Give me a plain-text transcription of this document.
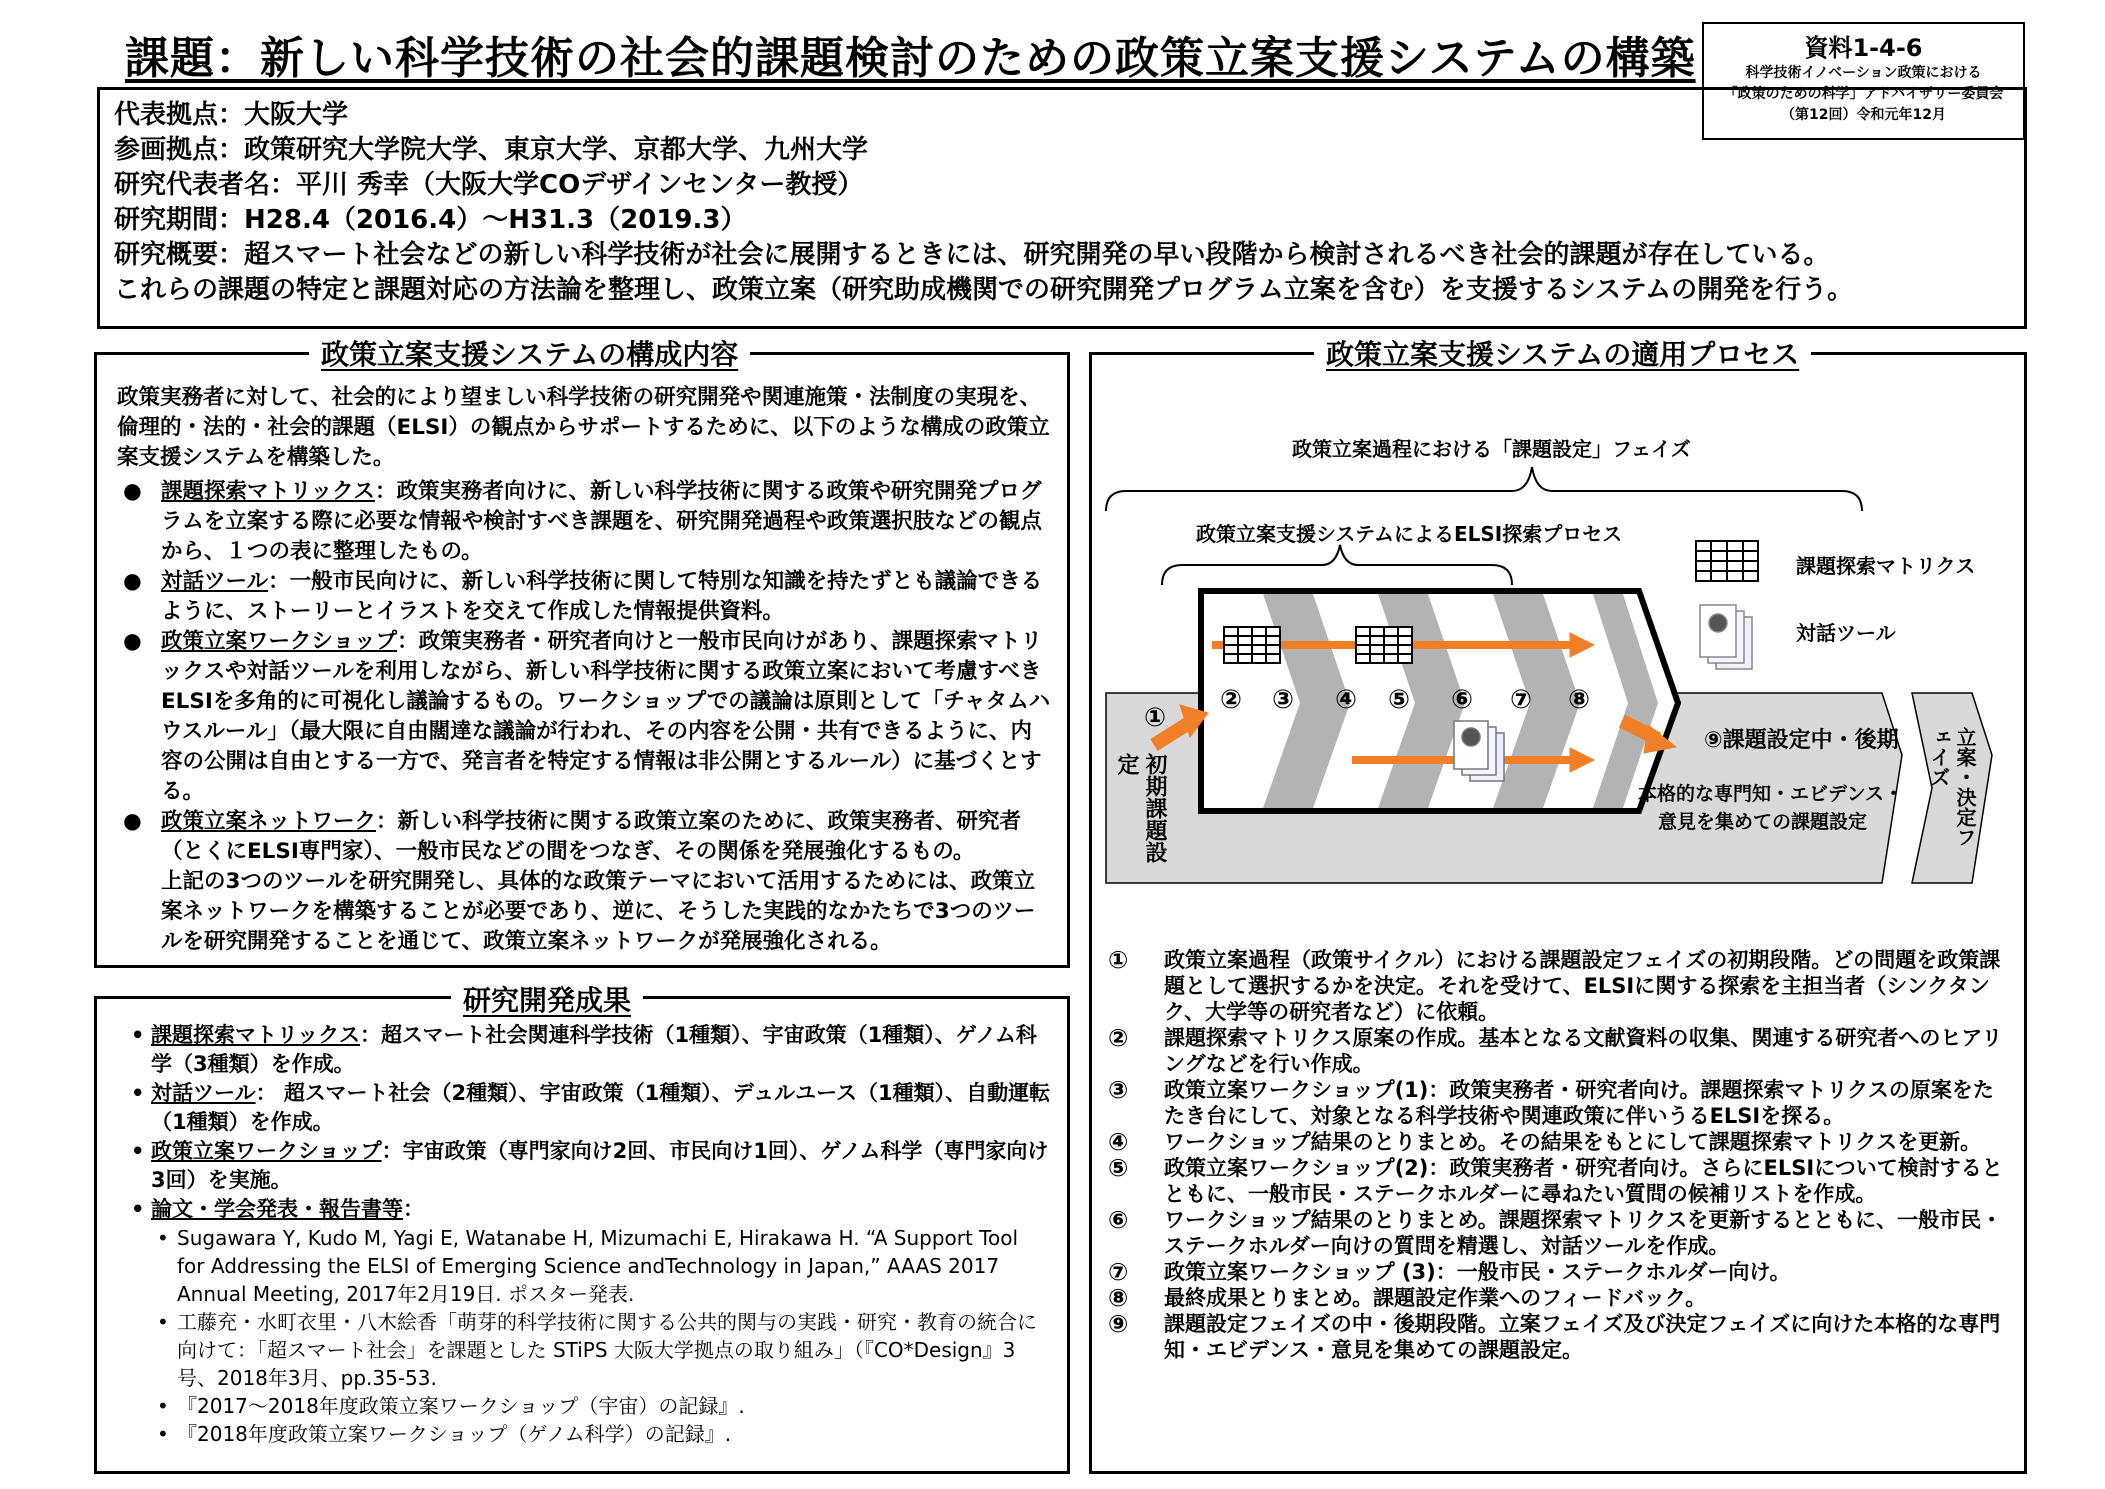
課題：新しい科学技術の社会的課題検討のための政策立案支援システムの構築	資料1-4-6
科学技術イノベーション政策における
「政策のための科学」アドバイザリー委員会
（第12回）令和元年12月

代表拠点：大阪大学

参画拠点：政策研究大学院大学、東京大学、京都大学、九州大学

研究代表者名：平川 秀幸（大阪大学COデザインセンター教授）

研究期間：H28.4（2016.4）～H31.3（2019.3）

研究概要：超スマート社会などの新しい科学技術が社会に展開するときには、研究開発の早い段階から検討されるべき社会的課題が存在している。

これらの課題の特定と課題対応の方法論を整理し、政策立案（研究助成機関での研究開発プログラム立案を含む）を支援するシステムの開発を行う。

政策立案支援システムの構成内容
政策実務者に対して、社会的により望ましい科学技術の研究開発や関連施策・法制度の実現を、倫理的・法的・社会的課題（ELSI）の観点からサポートするために、以下のような構成の政策立案支援システムを構築した。
● 課題探索マトリックス：政策実務者向けに、新しい科学技術に関する政策や研究開発プログラムを立案する際に必要な情報や検討すべき課題を、研究開発過程や政策選択肢などの観点から、１つの表に整理したもの。
● 対話ツール：一般市民向けに、新しい科学技術に関して特別な知識を持たずとも議論できるように、ストーリーとイラストを交えて作成した情報提供資料。
● 政策立案ワークショップ：政策実務者・研究者向けと一般市民向けがあり、課題探索マトリックスや対話ツールを利用しながら、新しい科学技術に関する政策立案において考慮すべきELSIを多角的に可視化し議論するもの。ワークショップでの議論は原則として「チャタムハウスルール」（最大限に自由闊達な議論が行われ、その内容を公開・共有できるように、内容の公開は自由とする一方で、発言者を特定する情報は非公開とするルール）に基づくとする。
● 政策立案ネットワーク：新しい科学技術に関する政策立案のために、政策実務者、研究者（とくにELSI専門家）、一般市民などの間をつなぎ、その関係を発展強化するもの。
上記の3つのツールを研究開発し、具体的な政策テーマにおいて活用するためには、政策立案ネットワークを構築することが必要であり、逆に、そうした実践的なかたちで3つのツールを研究開発することを通じて、政策立案ネットワークが発展強化される。
研究開発成果
• 課題探索マトリックス：超スマート社会関連科学技術（1種類）、宇宙政策（1種類）、ゲノム科学（3種類）を作成。
• 対話ツール： 超スマート社会（2種類）、宇宙政策（1種類）、デュルユース（1種類）、自動運転（1種類）を作成。
• 政策立案ワークショップ：宇宙政策（専門家向け2回、市民向け1回）、ゲノム科学（専門家向け3回）を実施。
• 論文・学会発表・報告書等：
• Sugawara Y, Kudo M, Yagi E, Watanabe H, Mizumachi E, Hirakawa H. “A Support Tool for Addressing the ELSI of Emerging Science andTechnology in Japan,” AAAS 2017 Annual Meeting, 2017年2月19日. ポスター発表.
• 工藤充・水町衣里・八木絵香「萌芽的科学技術に関する公共的関与の実践・研究・教育の統合に向けて：「超スマート社会」を課題とした STiPS 大阪大学拠点の取り組み」（『CO*Design』3号、2018年3月、pp.35-53.
• 『2017～2018年度政策立案ワークショップ（宇宙）の記録』.
• 『2018年度政策立案ワークショップ（ゲノム科学）の記録』.
政策立案支援システムの適用プロセス
政策立案過程における「課題設定」フェイズ
政策立案支援システムによるELSI探索プロセス
課題探索マトリクス
対話ツール
①
② ③ ④ ⑤ ⑥ ⑦ ⑧
初期課題設定
⑨課題設定中・後期
本格的な専門知・エビデンス・
意見を集めての課題設定	立案・決定フェイズ
① 政策立案過程（政策サイクル）における課題設定フェイズの初期段階。どの問題を政策課題として選択するかを決定。それを受けて、ELSIに関する探索を主担当者（シンクタンク、大学等の研究者など）に依頼。
② 課題探索マトリクス原案の作成。基本となる文献資料の収集、関連する研究者へのヒアリングなどを行い作成。
③ 政策立案ワークショップ(1)：政策実務者・研究者向け。課題探索マトリクスの原案をたたき台にして、対象となる科学技術や関連政策に伴いうるELSIを探る。
④ ワークショップ結果のとりまとめ。その結果をもとにして課題探索マトリクスを更新。
⑤ 政策立案ワークショップ(2)：政策実務者・研究者向け。さらにELSIについて検討するとともに、一般市民・ステークホルダーに尋ねたい質問の候補リストを作成。
⑥ ワークショップ結果のとりまとめ。課題探索マトリクスを更新するとともに、一般市民・ステークホルダー向けの質問を精選し、対話ツールを作成。
⑦ 政策立案ワークショップ (3)：一般市民・ステークホルダー向け。
⑧ 最終成果とりまとめ。課題設定作業へのフィードバック。
⑨ 課題設定フェイズの中・後期段階。立案フェイズ及び決定フェイズに向けた本格的な専門知・エビデンス・意見を集めての課題設定。
